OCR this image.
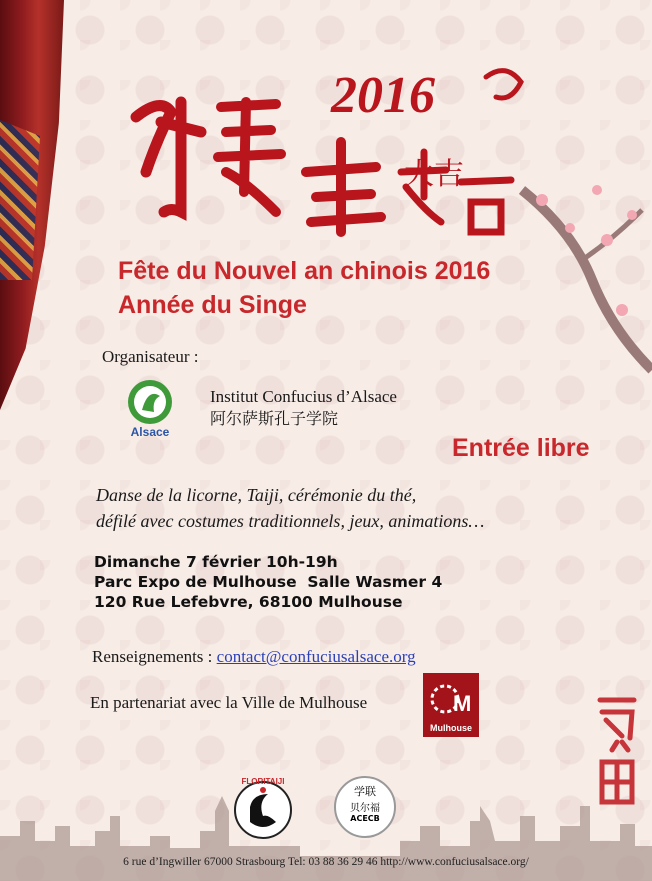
2016
大吉
Fête du Nouvel an chinois 2016
Année du Singe
Organisateur :
Alsace
Institut Confucius d’Alsace
阿尔萨斯孔子学院
Entrée libre
Danse de la licorne, Taiji, cérémonie du thé,
défilé avec costumes traditionnels, jeux, animations…
Dimanche 7 février 10h-19h
Parc Expo de Mulhouse  Salle Wasmer 4
120 Rue Lefebvre, 68100 Mulhouse
Renseignements : contact@confuciusalsace.org
En partenariat avec la Ville de Mulhouse	M
Mulhouse
FLORITAIJI
学联
贝尔福
ACECB
6 rue d’Ingwiller 67000 Strasbourg Tel: 03 88 36 29 46 http://www.confuciusalsace.org/
